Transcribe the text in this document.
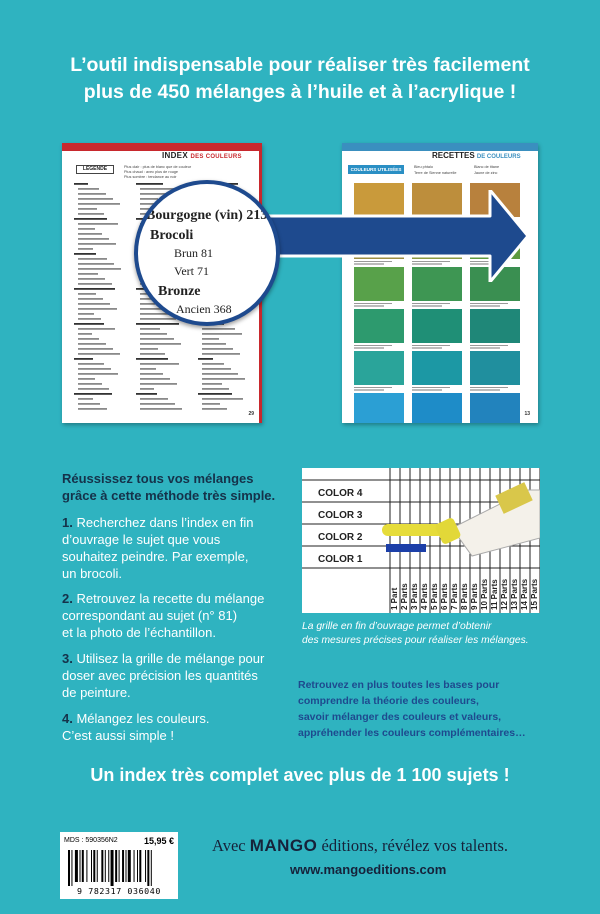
L’outil indispensable pour réaliser très facilement
plus de 450 mélanges à l’huile et à l’acrylique !
INDEX DES COULEURS
LÉGENDE	Plus clair : plus de blanc que de couleur
Plus chaud : avec plus de rouge
Plus sombre : tendance au noir
29
RECETTES DE COULEURS
COULEURS UTILISÉES	Bleu phtalo
Terre de Sienne naturelle
Blanc de titane
Jaune de zinc
13
Bourgogne (vin) 213
Brocoli
Brun 81
Vert 71
Bronze
Ancien 368
Réussissez tous vos mélanges
grâce à cette méthode très simple.
1. Recherchez dans l’index en fin
d’ouvrage le sujet que vous
souhaitez peindre. Par exemple,
un brocoli.
2. Retrouvez la recette du mélange
correspondant au sujet (n° 81)
et la photo de l’échantillon.
3. Utilisez la grille de mélange pour
doser avec précision les quantités
de peinture.
4. Mélangez les couleurs.
C’est aussi simple !
COLOR 4
COLOR 3
COLOR 2
COLOR 1
1 Part 2 Parts 3 Parts 4 Parts 5 Parts 6 Parts 7 Parts 8 Parts 9 Parts 10 Parts 11 Parts 12 Parts 13 Parts 14 Parts 15 Parts
La grille en fin d’ouvrage permet d’obtenir
des mesures précises pour réaliser les mélanges.
Retrouvez en plus toutes les bases pour
comprendre la théorie des couleurs,
savoir mélanger des couleurs et valeurs,
appréhender les couleurs complémentaires…
Un index très complet avec plus de 1 100 sujets !
MDS : 590356N2	15,95 €
9 782317 036040
Avec MANGO éditions, révélez vos talents.
www.mangoeditions.com
